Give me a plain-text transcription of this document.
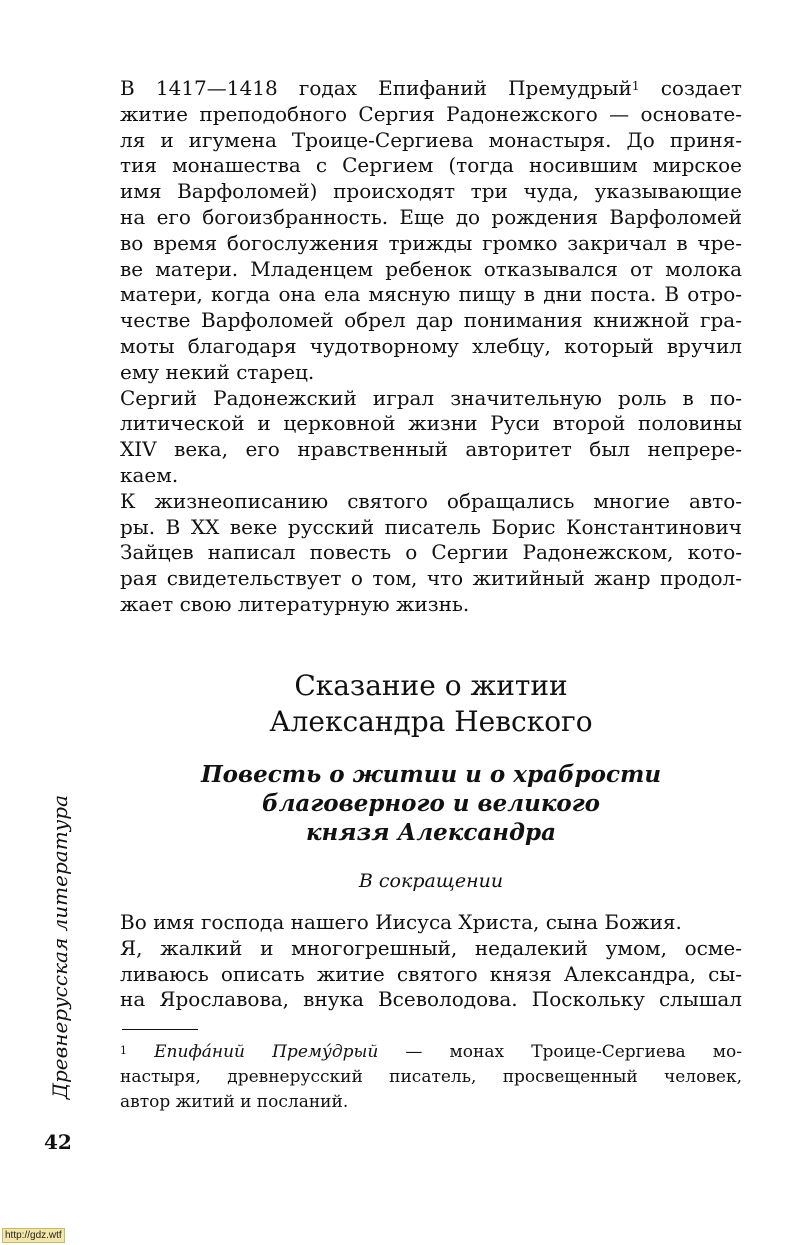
В 1417—1418 годах Епифаний Премудрый$^1$ создает
житие преподобного Сергия Радонежского — основате-
ля и игумена Троице-Сергиева монастыря. До приня-
тия монашества с Сергием (тогда носившим мирское
имя Варфоломей) происходят три чуда, указывающие
на его богоизбранность. Еще до рождения Варфоломей
во время богослужения трижды громко закричал в чре-
ве матери. Младенцем ребенок отказывался от молока
матери, когда она ела мясную пищу в дни поста. В отро-
честве Варфоломей обрел дар понимания книжной гра-
моты благодаря чудотворному хлебцу, который вручил
ему некий старец.

Сергий Радонежский играл значительную роль в по-
литической и церковной жизни Руси второй половины
XIV века, его нравственный авторитет был непрере-
каем.

К жизнеописанию святого обращались многие авто-
ры. В XX веке русский писатель Борис Константинович
Зайцев написал повесть о Сергии Радонежском, кото-
рая свидетельствует о том, что житийный жанр продол-
жает свою литературную жизнь.

Сказание о житии
Александра Невского
Повесть о житии и о храбрости
благоверного и великого
князя Александра

В сокращении

Во имя господа нашего Иисуса Христа, сына Божия.

Я, жалкий и многогрешный, недалекий умом, осме-
ливаюсь описать житие святого князя Александра, сы-
на Ярославова, внука Всеволодова. Поскольку слышал

$^1$ Епифа́ний Прему́дрый — монах Троице-Сергиева мо-
настыря, древнерусский писатель, просвещенный человек,
автор житий и посланий.
Древнерусская литература
42
http://gdz.wtf
